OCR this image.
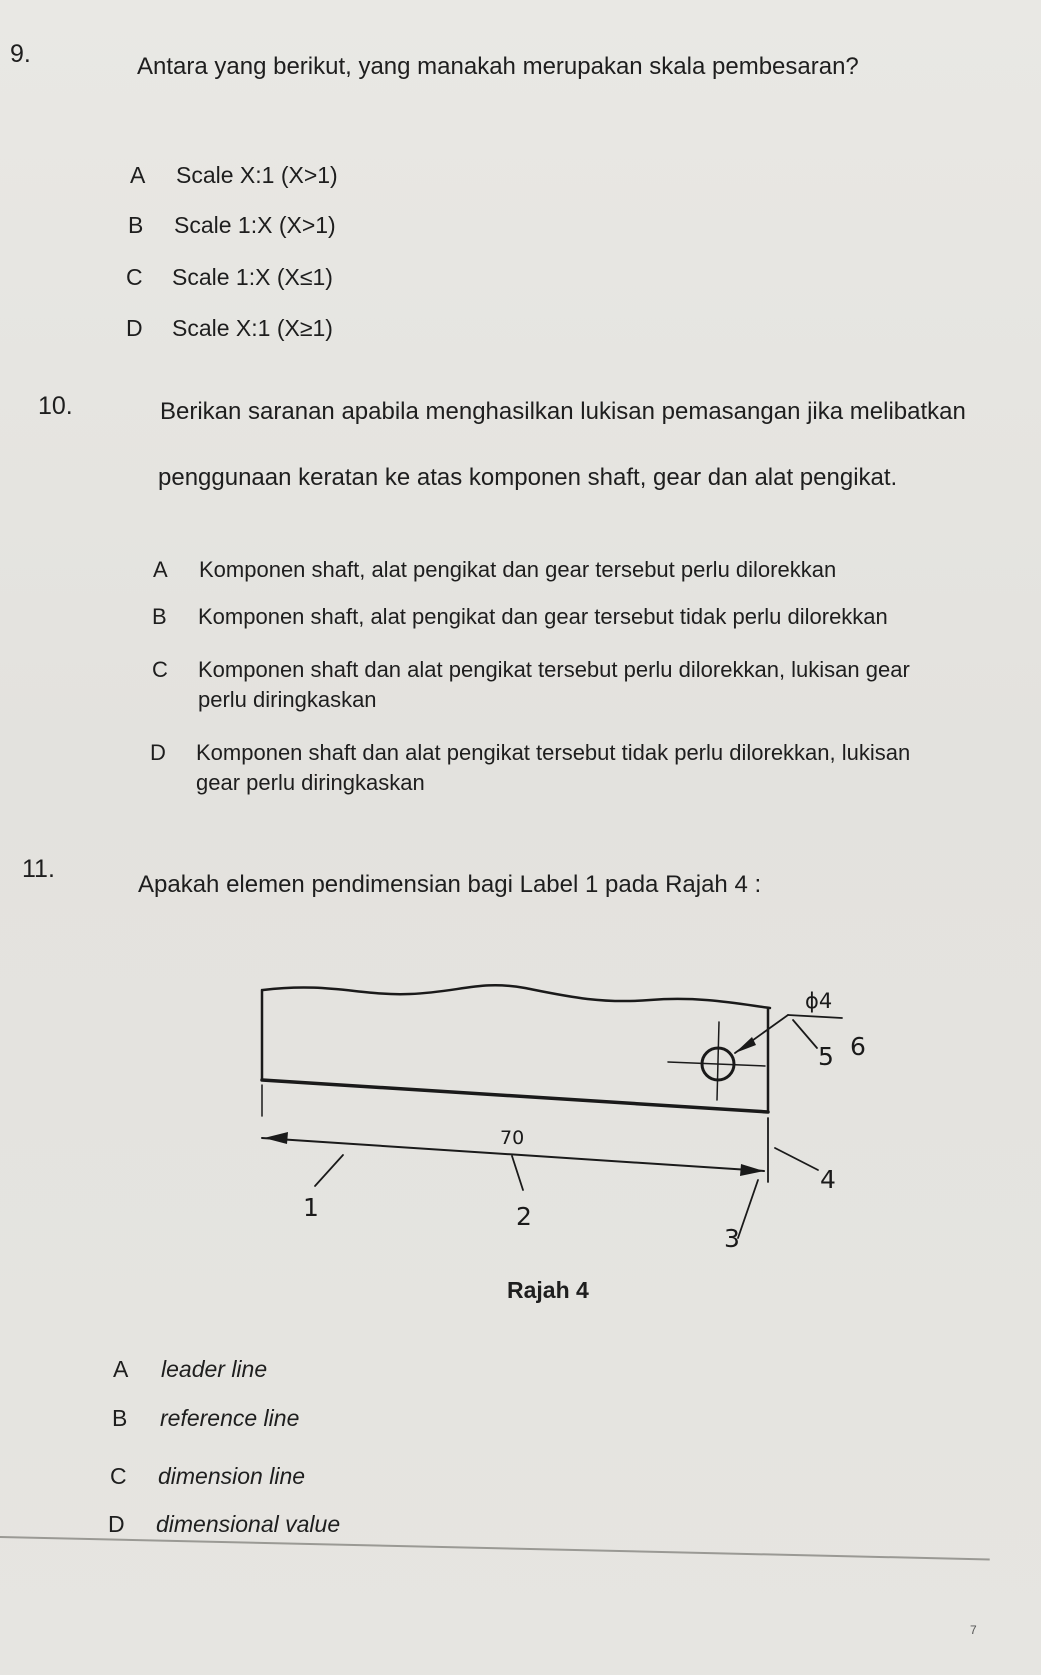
9.	Antara yang berikut, yang manakah merupakan skala pembesaran?
A Scale X:1 (X>1)
B Scale 1:X (X>1)
C Scale 1:X (X≤1)
D Scale X:1 (X≥1)
10.	Berikan saranan apabila menghasilkan lukisan pemasangan jika melibatkan
penggunaan keratan ke atas komponen shaft, gear dan alat pengikat.
A Komponen shaft, alat pengikat dan gear tersebut perlu dilorekkan
B Komponen shaft, alat pengikat dan gear tersebut tidak perlu dilorekkan
C Komponen shaft dan alat pengikat tersebut perlu dilorekkan, lukisan gear perlu diringkaskan
D Komponen shaft dan alat pengikat tersebut tidak perlu dilorekkan, lukisan gear perlu diringkaskan
11.
Apakah elemen pendimensian bagi Label 1 pada Rajah 4 :
70
ϕ4
1	2
3
4
5 6
Rajah 4
A leader line
B reference line
C dimension line
D dimensional value
7
